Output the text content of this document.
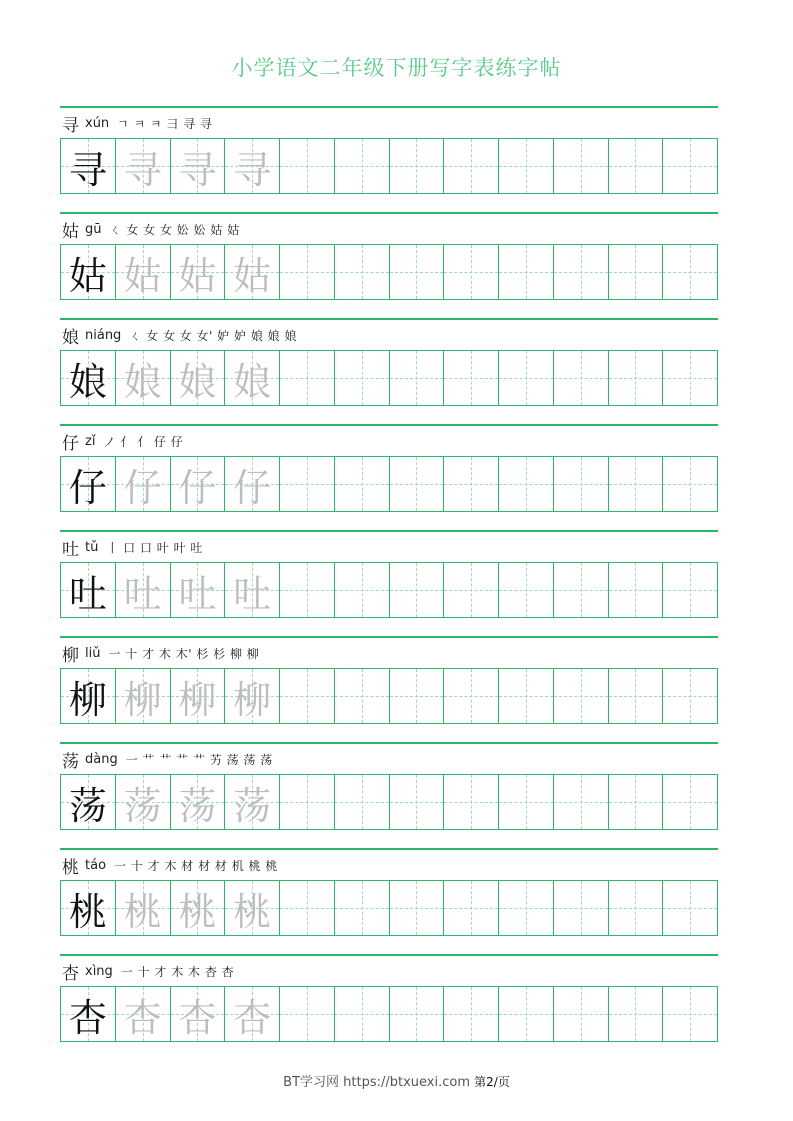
小学语文二年级下册写字表练字帖
寻 xún ㄱ ㅋ ㅋ 彐 寻 寻
寻 寻 寻 寻
姑 gū ㄑ 女 女 女 妐 妐 姑 姑
姑 姑 姑 姑
娘 niáng ㄑ 女 女 女 女' 妒 妒 娘 娘 娘
娘 娘 娘 娘
仔 zǐ ノ 亻 亻 仔 仔
仔 仔 仔 仔
吐 tǔ 丨 口 口 叶 叶 吐
吐 吐 吐 吐
柳 liǔ 一 十 才 木 木' 杉 杉 柳 柳
柳 柳 柳 柳
荡 dàng 一 艹 艹 艹 艹 艻 荡 荡 荡
荡 荡 荡 荡
桃 táo 一 十 才 木 材 材 材 机 桃 桃
桃 桃 桃 桃
杏 xìng 一 十 才 木 木 杏 杏
杏 杏 杏 杏
BT学习网 https://btxuexi.com 第2/页
